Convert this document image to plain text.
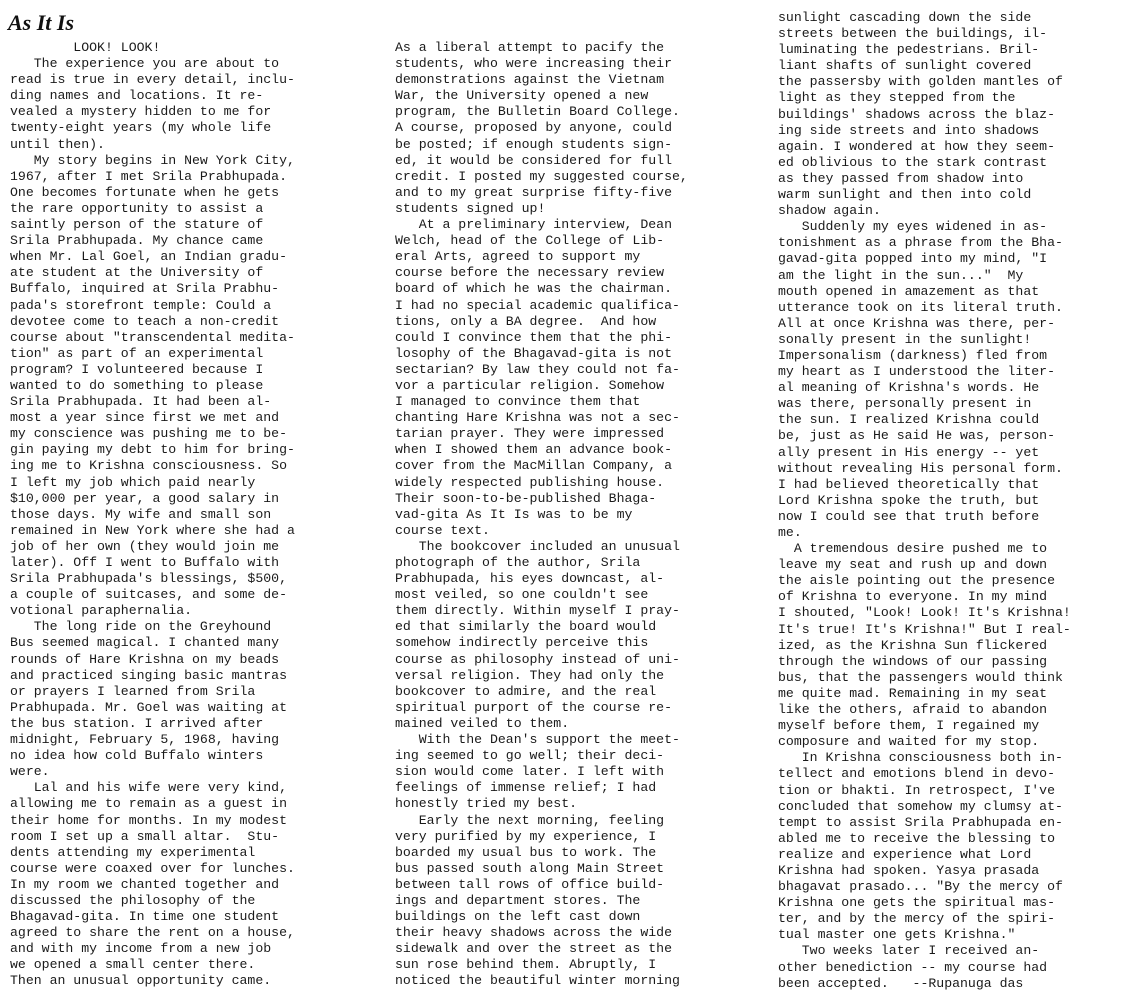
As It Is
LOOK! LOOK!
The experience you are about to
read is true in every detail, inclu-
ding names and locations. It re-
vealed a mystery hidden to me for
twenty-eight years (my whole life
until then).
My story begins in New York City,
1967, after I met Srila Prabhupada.
One becomes fortunate when he gets
the rare opportunity to assist a
saintly person of the stature of
Srila Prabhupada. My chance came
when Mr. Lal Goel, an Indian gradu-
ate student at the University of
Buffalo, inquired at Srila Prabhu-
pada's storefront temple: Could a
devotee come to teach a non-credit
course about "transcendental medita-
tion" as part of an experimental
program? I volunteered because I
wanted to do something to please
Srila Prabhupada. It had been al-
most a year since first we met and
my conscience was pushing me to be-
gin paying my debt to him for bring-
ing me to Krishna consciousness. So
I left my job which paid nearly
$10,000 per year, a good salary in
those days. My wife and small son
remained in New York where she had a
job of her own (they would join me
later). Off I went to Buffalo with
Srila Prabhupada's blessings, $500,
a couple of suitcases, and some de-
votional paraphernalia.
The long ride on the Greyhound
Bus seemed magical. I chanted many
rounds of Hare Krishna on my beads
and practiced singing basic mantras
or prayers I learned from Srila
Prabhupada. Mr. Goel was waiting at
the bus station. I arrived after
midnight, February 5, 1968, having
no idea how cold Buffalo winters
were.
Lal and his wife were very kind,
allowing me to remain as a guest in
their home for months. In my modest
room I set up a small altar.  Stu-
dents attending my experimental
course were coaxed over for lunches.
In my room we chanted together and
discussed the philosophy of the
Bhagavad-gita. In time one student
agreed to share the rent on a house,
and with my income from a new job
we opened a small center there.
Then an unusual opportunity came.
As a liberal attempt to pacify the
students, who were increasing their
demonstrations against the Vietnam
War, the University opened a new
program, the Bulletin Board College.
A course, proposed by anyone, could
be posted; if enough students sign-
ed, it would be considered for full
credit. I posted my suggested course,
and to my great surprise fifty-five
students signed up!
At a preliminary interview, Dean
Welch, head of the College of Lib-
eral Arts, agreed to support my
course before the necessary review
board of which he was the chairman.
I had no special academic qualifica-
tions, only a BA degree.  And how
could I convince them that the phi-
losophy of the Bhagavad-gita is not
sectarian? By law they could not fa-
vor a particular religion. Somehow
I managed to convince them that
chanting Hare Krishna was not a sec-
tarian prayer. They were impressed
when I showed them an advance book-
cover from the MacMillan Company, a
widely respected publishing house.
Their soon-to-be-published Bhaga-
vad-gita As It Is was to be my
course text.
The bookcover included an unusual
photograph of the author, Srila
Prabhupada, his eyes downcast, al-
most veiled, so one couldn't see
them directly. Within myself I pray-
ed that similarly the board would
somehow indirectly perceive this
course as philosophy instead of uni-
versal religion. They had only the
bookcover to admire, and the real
spiritual purport of the course re-
mained veiled to them.
With the Dean's support the meet-
ing seemed to go well; their deci-
sion would come later. I left with
feelings of immense relief; I had
honestly tried my best.
Early the next morning, feeling
very purified by my experience, I
boarded my usual bus to work. The
bus passed south along Main Street
between tall rows of office build-
ings and department stores. The
buildings on the left cast down
their heavy shadows across the wide
sidewalk and over the street as the
sun rose behind them. Abruptly, I
noticed the beautiful winter morning
sunlight cascading down the side
streets between the buildings, il-
luminating the pedestrians. Bril-
liant shafts of sunlight covered
the passersby with golden mantles of
light as they stepped from the
buildings' shadows across the blaz-
ing side streets and into shadows
again. I wondered at how they seem-
ed oblivious to the stark contrast
as they passed from shadow into
warm sunlight and then into cold
shadow again.
Suddenly my eyes widened in as-
tonishment as a phrase from the Bha-
gavad-gita popped into my mind, "I
am the light in the sun..."  My
mouth opened in amazement as that
utterance took on its literal truth.
All at once Krishna was there, per-
sonally present in the sunlight!
Impersonalism (darkness) fled from
my heart as I understood the liter-
al meaning of Krishna's words. He
was there, personally present in
the sun. I realized Krishna could
be, just as He said He was, person-
ally present in His energy -- yet
without revealing His personal form.
I had believed theoretically that
Lord Krishna spoke the truth, but
now I could see that truth before
me.
A tremendous desire pushed me to
leave my seat and rush up and down
the aisle pointing out the presence
of Krishna to everyone. In my mind
I shouted, "Look! Look! It's Krishna!
It's true! It's Krishna!" But I real-
ized, as the Krishna Sun flickered
through the windows of our passing
bus, that the passengers would think
me quite mad. Remaining in my seat
like the others, afraid to abandon
myself before them, I regained my
composure and waited for my stop.
In Krishna consciousness both in-
tellect and emotions blend in devo-
tion or bhakti. In retrospect, I've
concluded that somehow my clumsy at-
tempt to assist Srila Prabhupada en-
abled me to receive the blessing to
realize and experience what Lord
Krishna had spoken. Yasya prasada
bhagavat prasado... "By the mercy of
Krishna one gets the spiritual mas-
ter, and by the mercy of the spiri-
tual master one gets Krishna."
Two weeks later I received an-
other benediction -- my course had
been accepted.   --Rupanuga das
